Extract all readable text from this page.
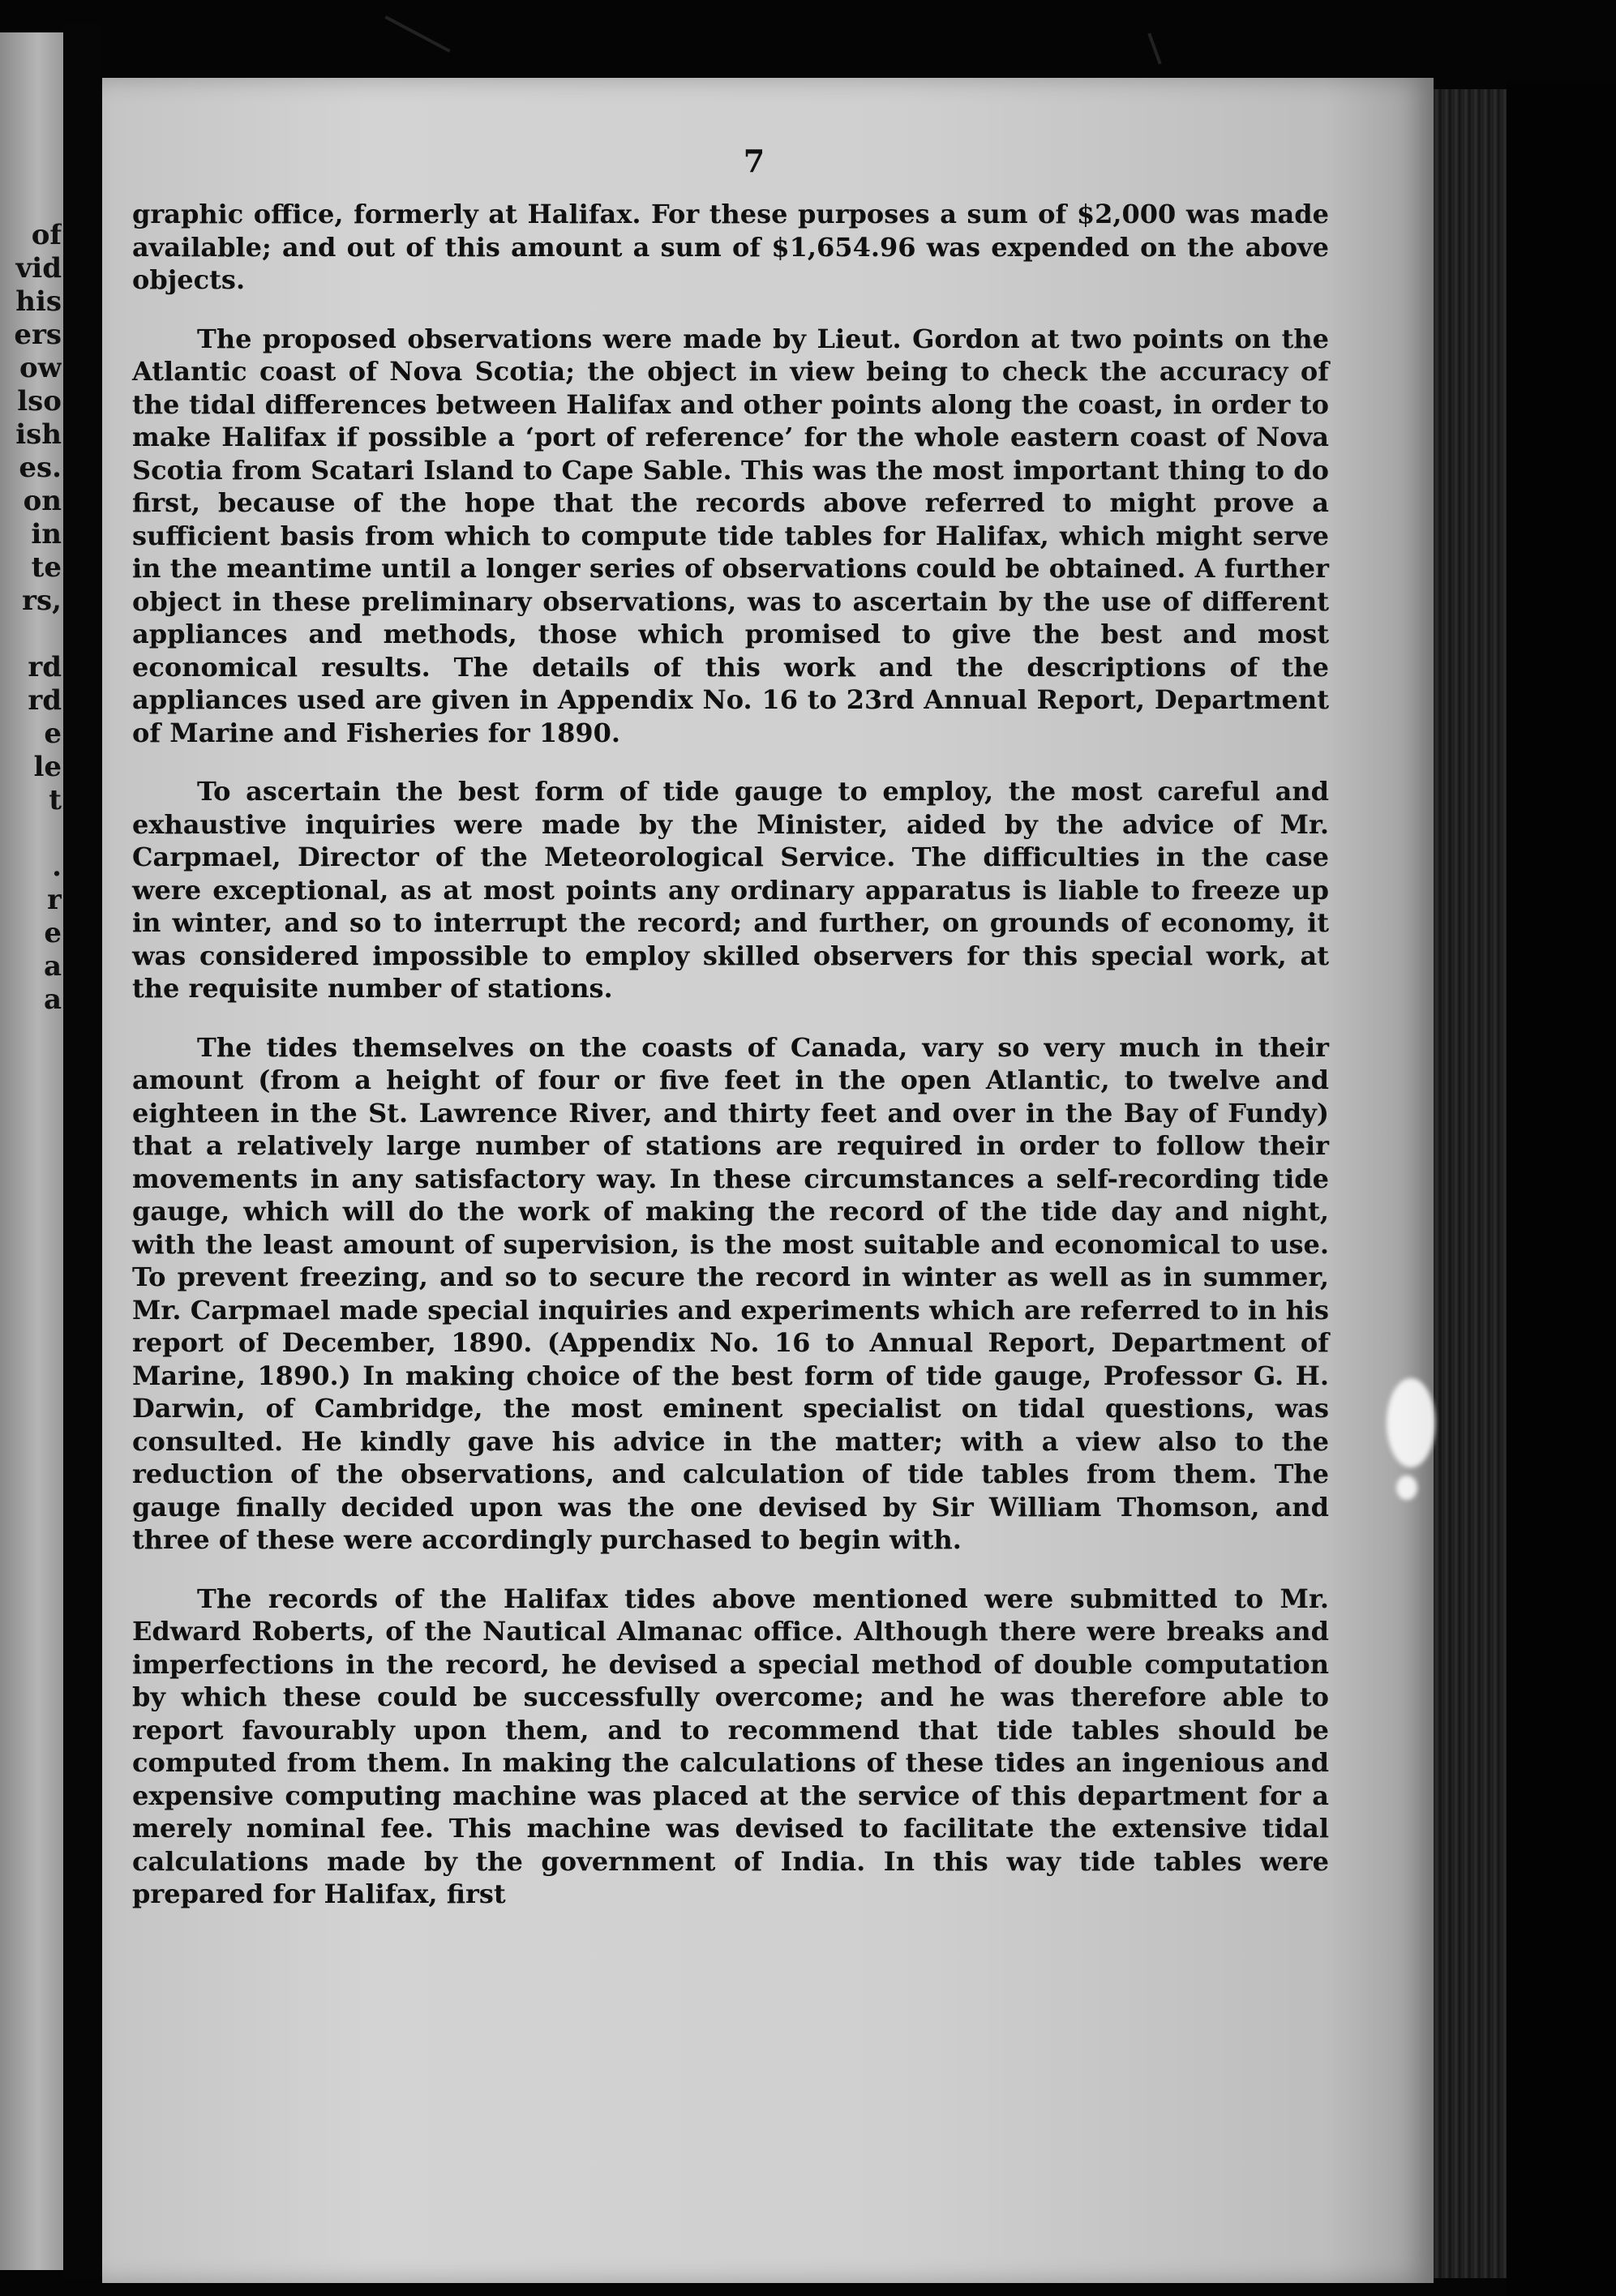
of
vid
his
ers
ow
lso
ish
es.
on
in
te
rs,
rd
rd
e
le
t
.
r
e
a
a
7

graphic office, formerly at Halifax. For these purposes a sum of $2,000 was made available; and out of this amount a sum of $1,654.96 was expended on the above objects.

The proposed observations were made by Lieut. Gordon at two points on the Atlantic coast of Nova Scotia; the object in view being to check the accuracy of the tidal differences between Halifax and other points along the coast, in order to make Halifax if possible a ‘port of reference’ for the whole eastern coast of Nova Scotia from Scatari Island to Cape Sable. This was the most important thing to do first, because of the hope that the records above referred to might prove a sufficient basis from which to compute tide tables for Halifax, which might serve in the meantime until a longer series of observations could be obtained. A further object in these preliminary observations, was to ascertain by the use of different appliances and methods, those which promised to give the best and most economical results. The details of this work and the descriptions of the appliances used are given in Appendix No. 16 to 23rd Annual Report, Department of Marine and Fisheries for 1890.

To ascertain the best form of tide gauge to employ, the most careful and exhaustive inquiries were made by the Minister, aided by the advice of Mr. Carpmael, Director of the Meteorological Service. The difficulties in the case were exceptional, as at most points any ordinary apparatus is liable to freeze up in winter, and so to interrupt the record; and further, on grounds of economy, it was considered impossible to employ skilled observers for this special work, at the requisite number of stations.

The tides themselves on the coasts of Canada, vary so very much in their amount (from a height of four or five feet in the open Atlantic, to twelve and eighteen in the St. Lawrence River, and thirty feet and over in the Bay of Fundy) that a relatively large number of stations are required in order to follow their movements in any satisfactory way. In these circumstances a self-recording tide gauge, which will do the work of making the record of the tide day and night, with the least amount of supervision, is the most suitable and economical to use. To prevent freezing, and so to secure the record in winter as well as in summer, Mr. Carpmael made special inquiries and experiments which are referred to in his report of December, 1890. (Appendix No. 16 to Annual Report, Department of Marine, 1890.) In making choice of the best form of tide gauge, Professor G. H. Darwin, of Cambridge, the most eminent specialist on tidal questions, was consulted. He kindly gave his advice in the matter; with a view also to the reduction of the observations, and calculation of tide tables from them. The gauge finally decided upon was the one devised by Sir William Thomson, and three of these were accordingly purchased to begin with.

The records of the Halifax tides above mentioned were submitted to Mr. Edward Roberts, of the Nautical Almanac office. Although there were breaks and imperfections in the record, he devised a special method of double computation by which these could be successfully overcome; and he was therefore able to report favourably upon them, and to recommend that tide tables should be computed from them. In making the calculations of these tides an ingenious and expensive computing machine was placed at the service of this department for a merely nominal fee. This machine was devised to facilitate the extensive tidal calculations made by the government of India. In this way tide tables were prepared for Halifax, first
